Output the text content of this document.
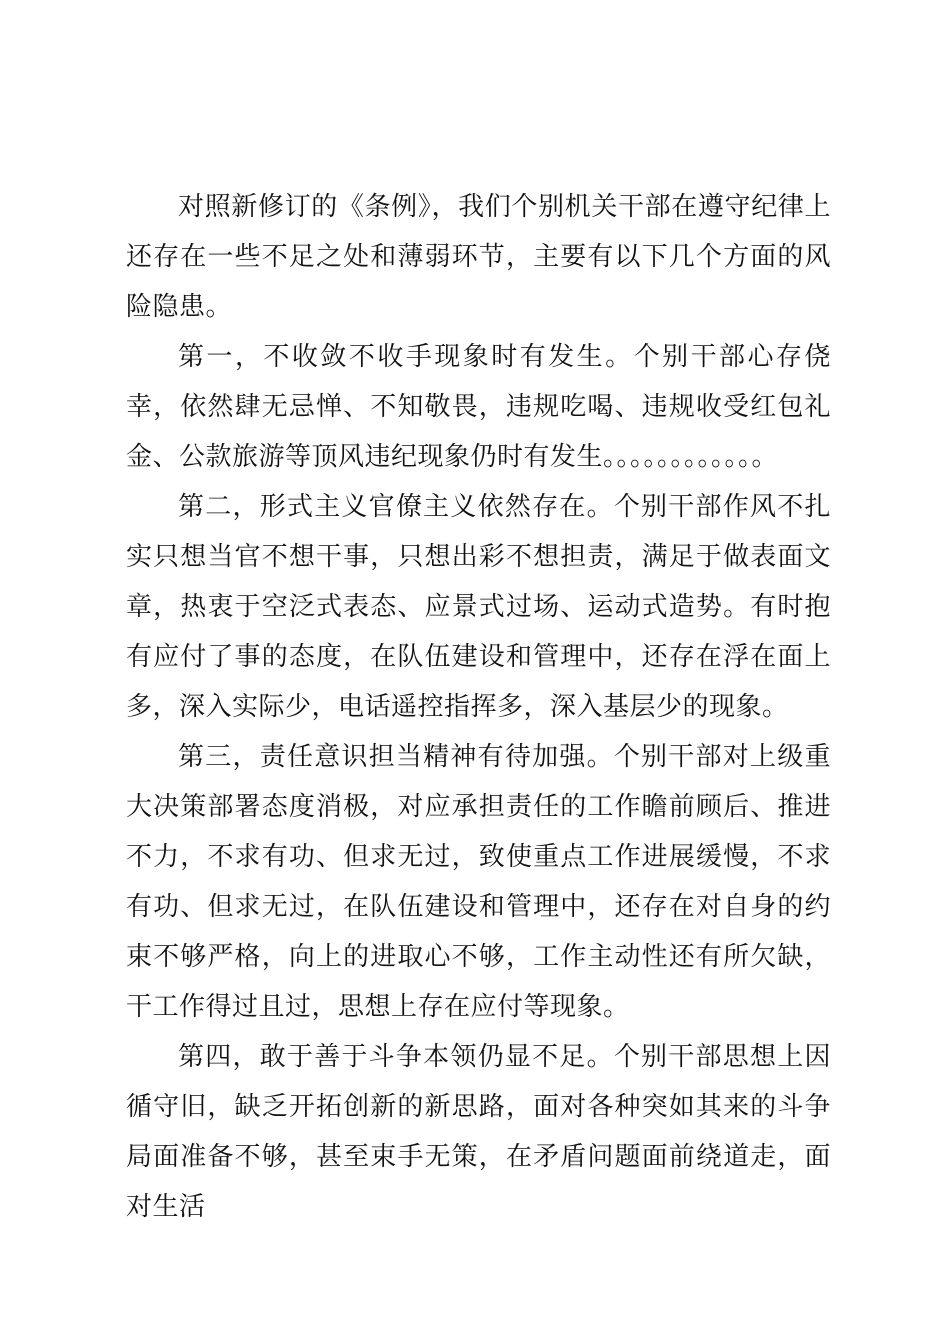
对照新修订的《条例》，我们个别机关干部在遵守纪律上还存在一些不足之处和薄弱环节，主要有以下几个方面的风险隐患。

第一，不收敛不收手现象时有发生。个别干部心存侥幸，依然肆无忌惮、不知敬畏，违规吃喝、违规收受红包礼金、公款旅游等顶风违纪现象仍时有发生。。。。。。。。。。。。

第二，形式主义官僚主义依然存在。个别干部作风不扎实只想当官不想干事，只想出彩不想担责，满足于做表面文章，热衷于空泛式表态、应景式过场、运动式造势。有时抱有应付了事的态度，在队伍建设和管理中，还存在浮在面上多，深入实际少，电话遥控指挥多，深入基层少的现象。

第三，责任意识担当精神有待加强。个别干部对上级重大决策部署态度消极，对应承担责任的工作瞻前顾后、推进不力，不求有功、但求无过，致使重点工作进展缓慢，不求有功、但求无过，在队伍建设和管理中，还存在对自身的约束不够严格，向上的进取心不够，工作主动性还有所欠缺，干工作得过且过，思想上存在应付等现象。

第四，敢于善于斗争本领仍显不足。个别干部思想上因循守旧，缺乏开拓创新的新思路，面对各种突如其来的斗争局面准备不够，甚至束手无策，在矛盾问题面前绕道走，面对生活
